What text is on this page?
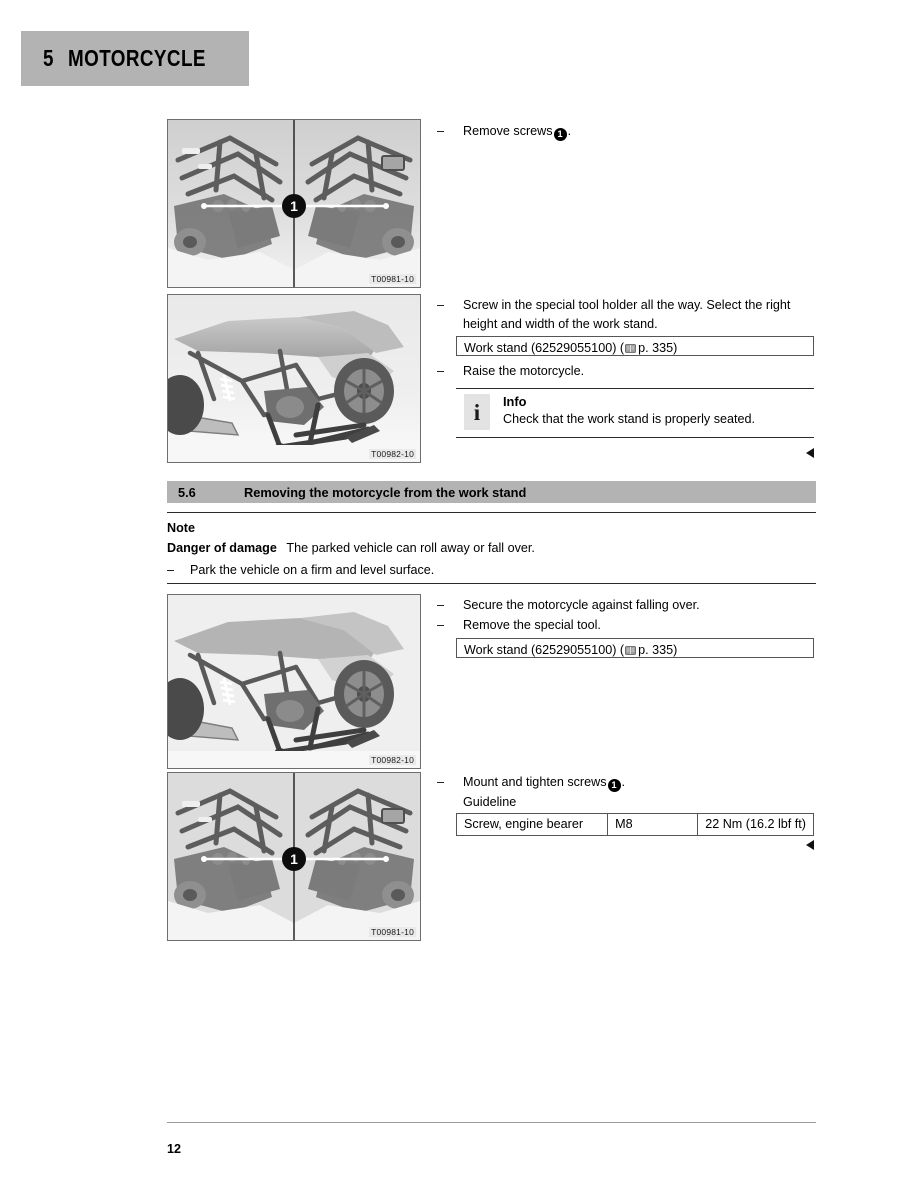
5 MOTORCYCLE
1
T00981-10
T00982-10
– Remove screws 1 .
– Screw in the special tool holder all the way. Select the right height and width of the work stand.
Work stand (62529055100) ( p. 335)
– Raise the motorcycle.
i Info
Check that the work stand is properly seated.
5.6	Removing the motorcycle from the work stand
Note
Danger of damage The parked vehicle can roll away or fall over.
– Park the vehicle on a firm and level surface.
T00982-10
– Secure the motorcycle against falling over.
– Remove the special tool.
Work stand (62529055100) ( p. 335)
1
T00981-10
– Mount and tighten screws 1 .
Guideline
Screw, engine bearer	M8	22 Nm (16.2 lbf ft)
12
